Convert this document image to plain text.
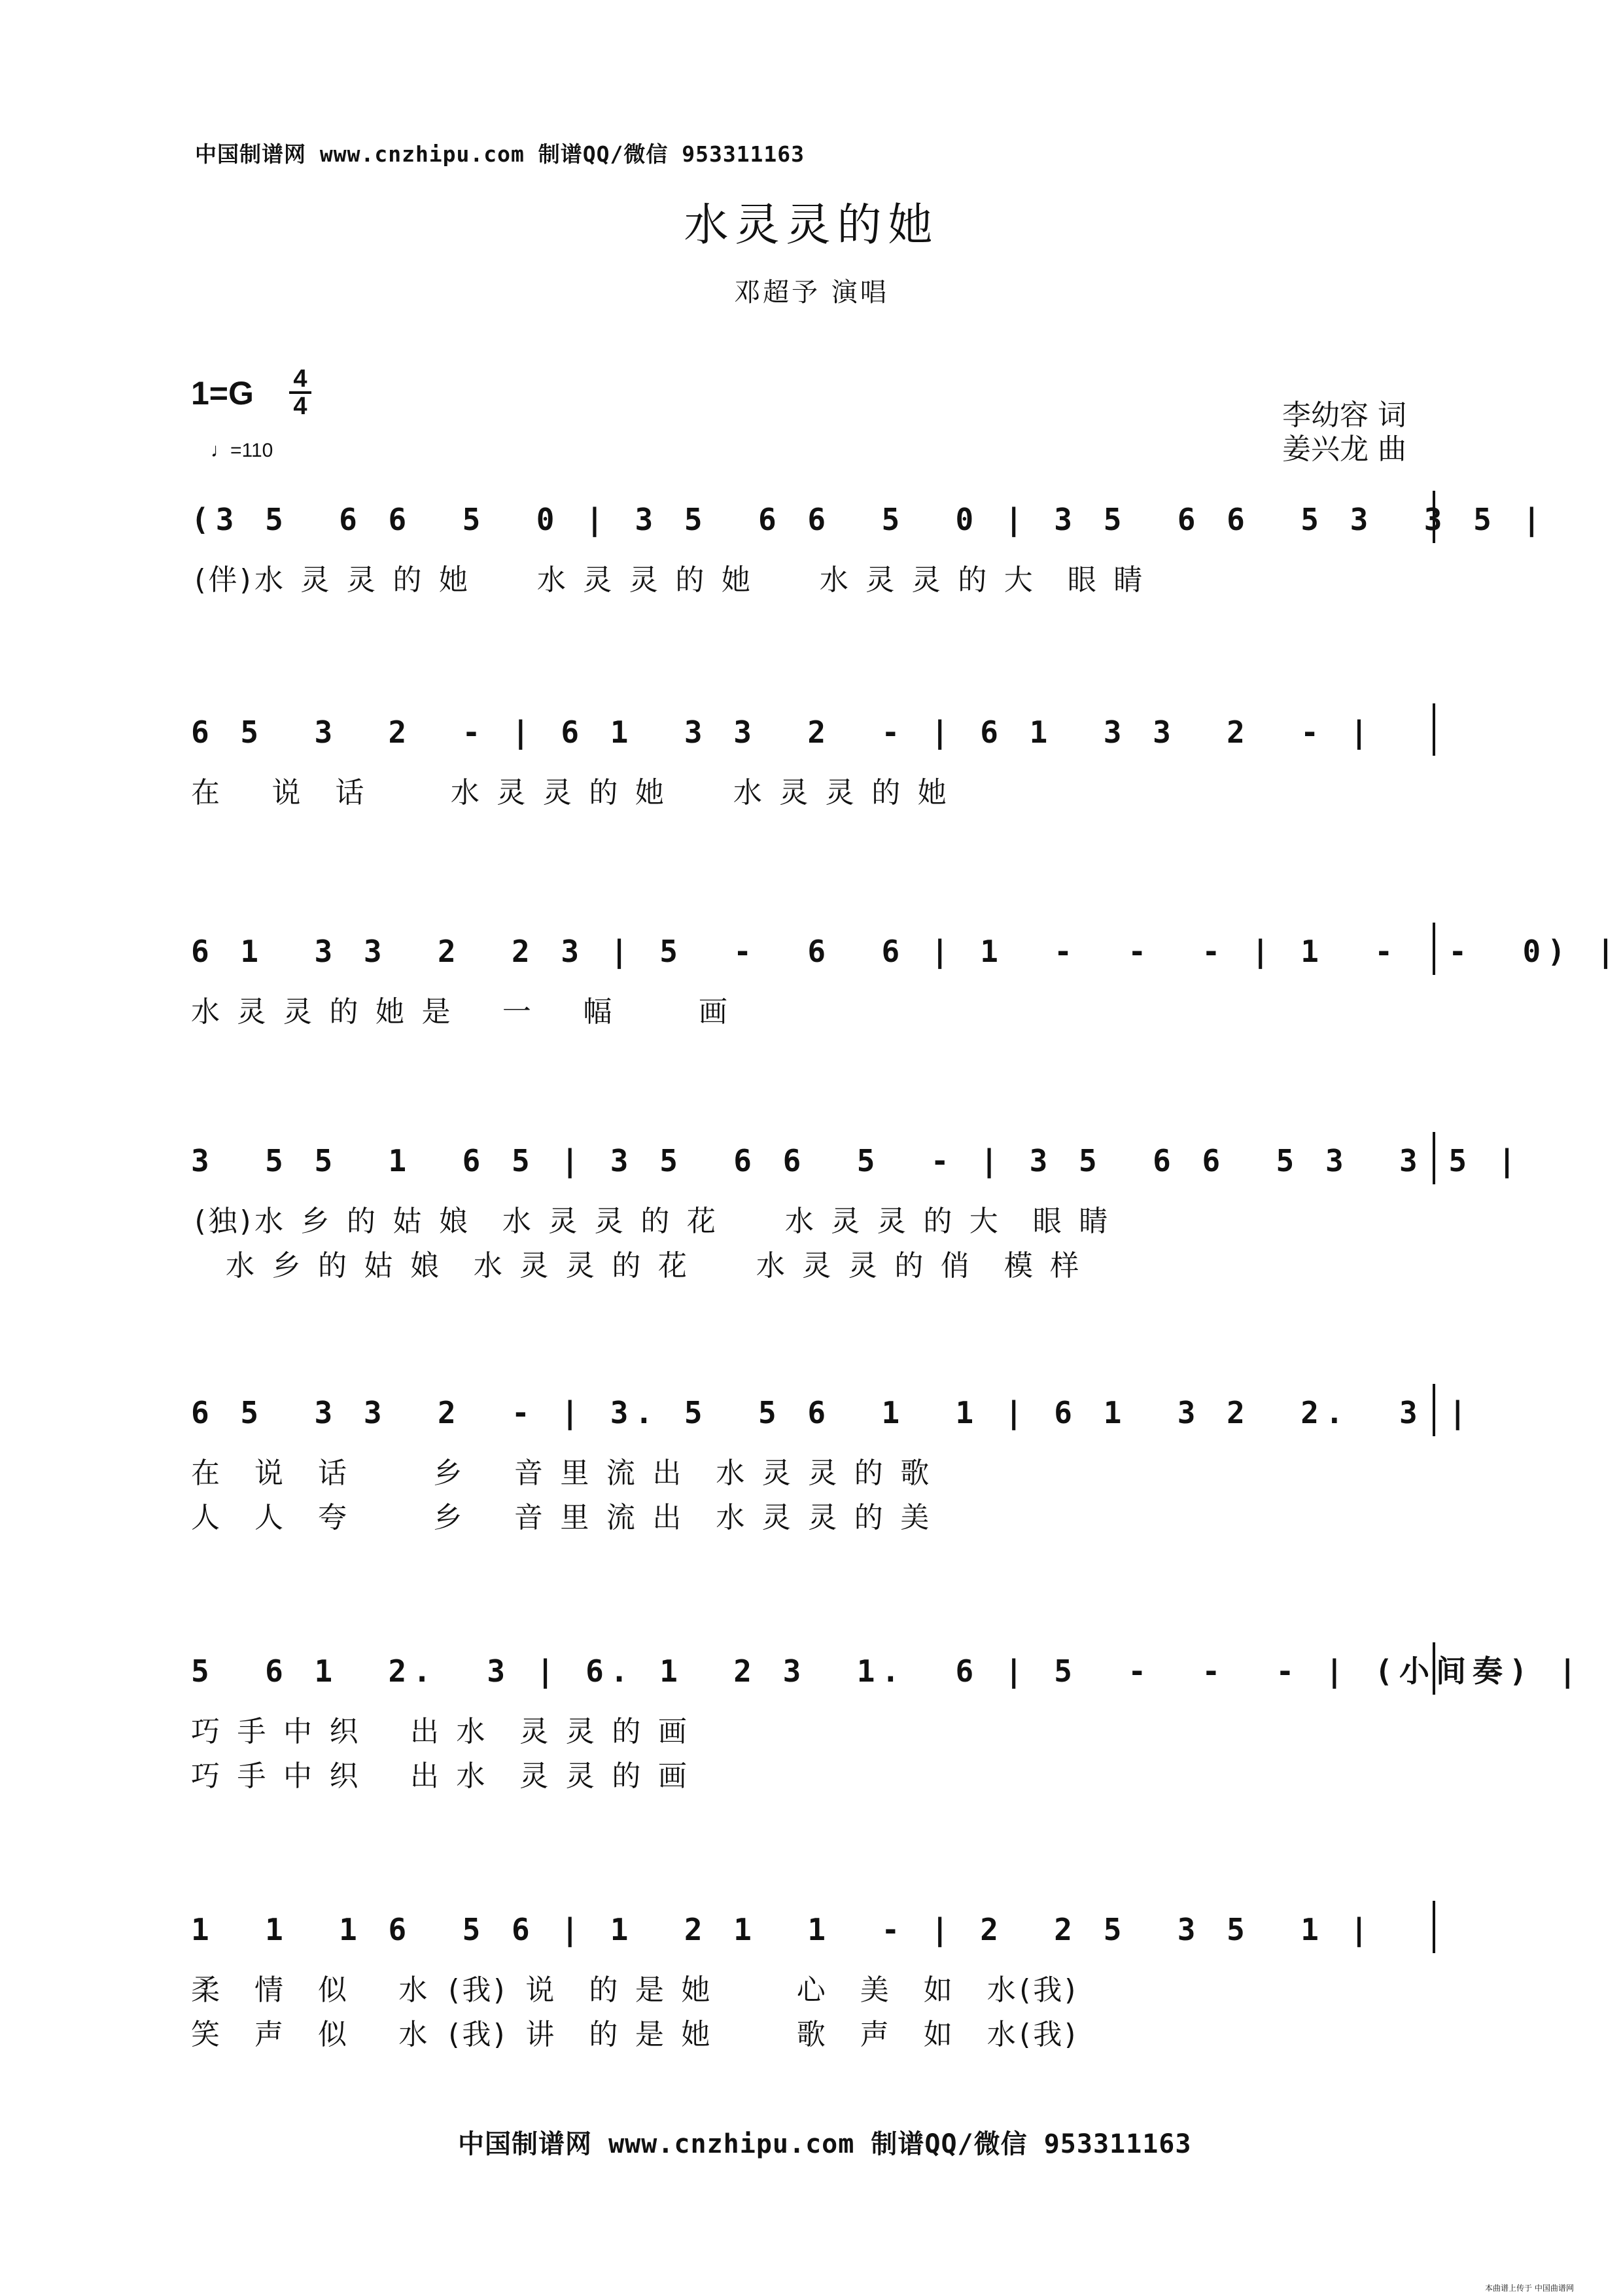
中国制谱网 www.cnzhipu.com 制谱QQ/微信 953311163
水灵灵的她
邓超予 演唱
1=G 4
4
♩=110
李幼容 词
姜兴龙 曲
(3 5  6 6  5  0 | 3 5  6 6  5  0 | 3 5  6 6  5 3  3 5 |
6 5  3  2  - | 6 1  3 3  2  - | 6 1  3 3  2  - |
6 1  3 3  2  2 3 | 5  -  6  6 | 1  -  -  - | 1  -  -  0) |
3  5 5  1  6 5 | 3 5  6 6  5  - | 3 5  6 6  5 3  3 5 |
6 5  3 3  2  - | 3. 5  5 6  1  1 | 6 1  3 2  2.  3 |
5  6 1  2.  3 | 6. 1  2 3  1.  6 | 5  -  -  - | (小间奏) |
1  1  1 6  5 6 | 1  2 1  1  - | 2  2 5  3 5  1 |
(伴)水 灵 灵 的 她    水 灵 灵 的 她    水 灵 灵 的 大  眼 睛
在   说  话     水 灵 灵 的 她    水 灵 灵 的 她
水 灵 灵 的 她 是   一   幅     画
(独)水 乡 的 姑 娘  水 灵 灵 的 花    水 灵 灵 的 大  眼 睛
水 乡 的 姑 娘  水 灵 灵 的 花    水 灵 灵 的 俏  模 样
在  说  话     乡   音 里 流 出  水 灵 灵 的 歌
人  人  夸     乡   音 里 流 出  水 灵 灵 的 美
巧 手 中 织   出 水  灵 灵 的 画
巧 手 中 织   出 水  灵 灵 的 画
柔  情  似   水 (我) 说  的 是 她     心  美  如  水(我)
笑  声  似   水 (我) 讲  的 是 她     歌  声  如  水(我)
中国制谱网 www.cnzhipu.com 制谱QQ/微信 953311163
本曲谱上传于 中国曲谱网
